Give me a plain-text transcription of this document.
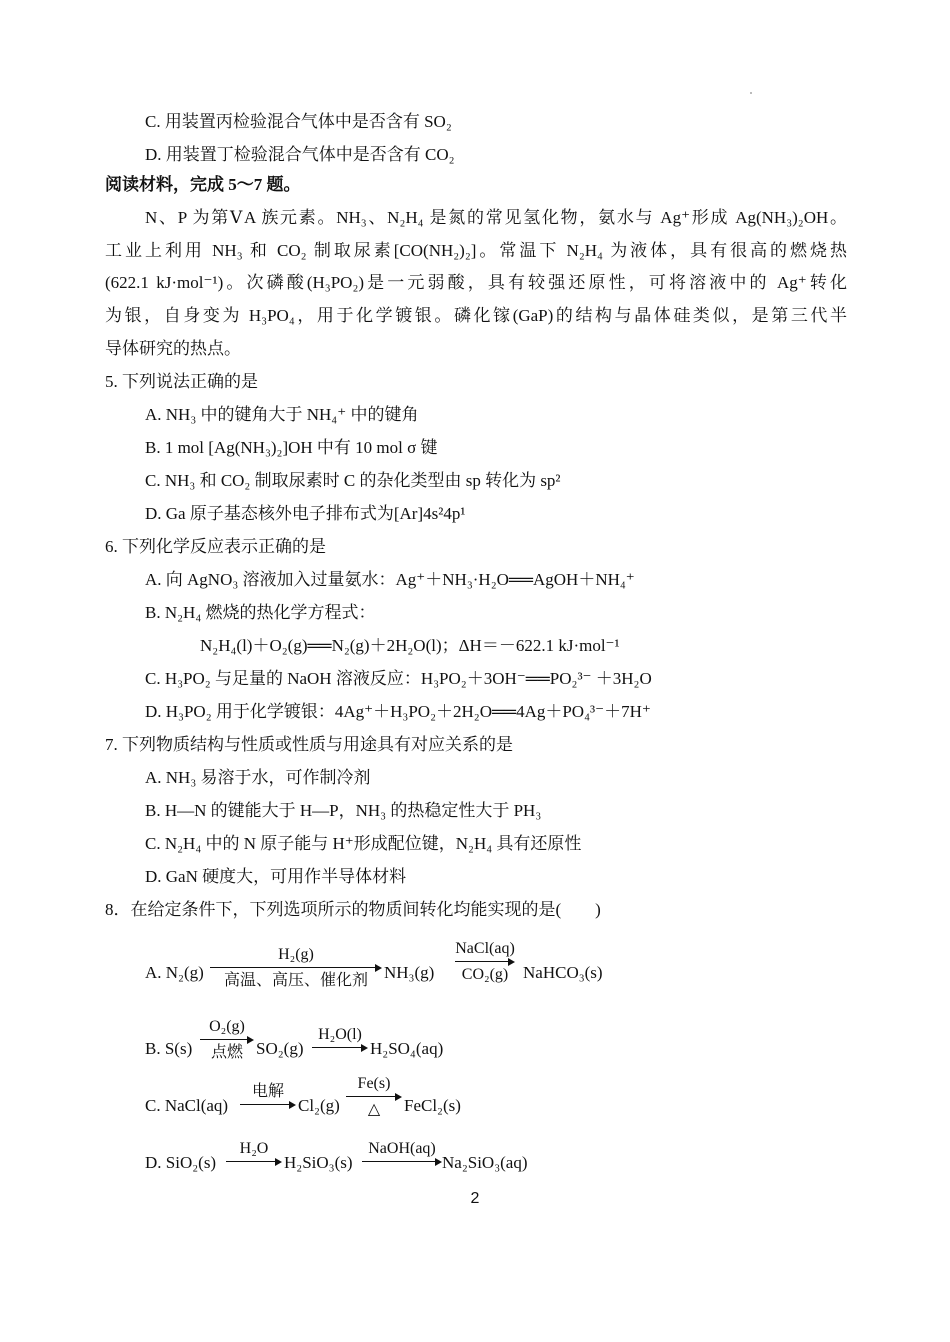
C. 用装置丙检验混合气体中是否含有 SO₂
D. 用装置丁检验混合气体中是否含有 CO₂
阅读材料，完成 5～7 题。
N、P 为第ⅤA 族元素。NH₃、N₂H₄ 是氮的常见氢化物，氨水与 Ag⁺形成 Ag(NH₃)₂OH。
工业上利用 NH₃ 和 CO₂ 制取尿素[CO(NH₂)₂]。常温下 N₂H₄ 为液体，具有很高的燃烧热
(622.1 kJ·mol⁻¹)。次磷酸(H₃PO₂)是一元弱酸，具有较强还原性，可将溶液中的 Ag⁺转化
为银，自身变为 H₃PO₄，用于化学镀银。磷化镓(GaP)的结构与晶体硅类似，是第三代半
导体研究的热点。
5. 下列说法正确的是
A. NH₃ 中的键角大于 NH₄⁺ 中的键角
B. 1 mol [Ag(NH₃)₂]OH 中有 10 mol σ 键
C. NH₃ 和 CO₂ 制取尿素时 C 的杂化类型由 sp 转化为 sp²
D. Ga 原子基态核外电子排布式为[Ar]4s²4p¹
6. 下列化学反应表示正确的是
A. 向 AgNO₃ 溶液加入过量氨水：Ag⁺＋NH₃·H₂O══AgOH＋NH₄⁺
B. N₂H₄ 燃烧的热化学方程式：
N₂H₄(l)＋O₂(g)══N₂(g)＋2H₂O(l)；ΔH＝－622.1 kJ·mol⁻¹
C. H₃PO₂ 与足量的 NaOH 溶液反应：H₃PO₂＋3OH⁻══PO₂³⁻ ＋3H₂O
D. H₃PO₂ 用于化学镀银：4Ag⁺＋H₃PO₂＋2H₂O══4Ag＋PO₄³⁻＋7H⁺
7. 下列物质结构与性质或性质与用途具有对应关系的是
A. NH₃ 易溶于水，可作制冷剂
B. H—N 的键能大于 H—P，NH₃ 的热稳定性大于 PH₃
C. N₂H₄ 中的 N 原子能与 H⁺形成配位键，N₂H₄ 具有还原性
D. GaN 硬度大，可用作半导体材料
8．在给定条件下，下列选项所示的物质间转化均能实现的是(　　)
A. N₂(g)
H₂(g)
高温、高压、催化剂 NH₃(g)
NaCl(aq)
CO₂(g) NaHCO₃(s)
B. S(s)
O₂(g)
点燃 SO₂(g)
H₂O(l)
H₂SO₄(aq)
C. NaCl(aq)
电解
Cl₂(g)
Fe(s)
△ FeCl₂(s)
D. SiO₂(s)
H₂O
H₂SiO₃(s)
NaOH(aq)
Na₂SiO₃(aq)
2
